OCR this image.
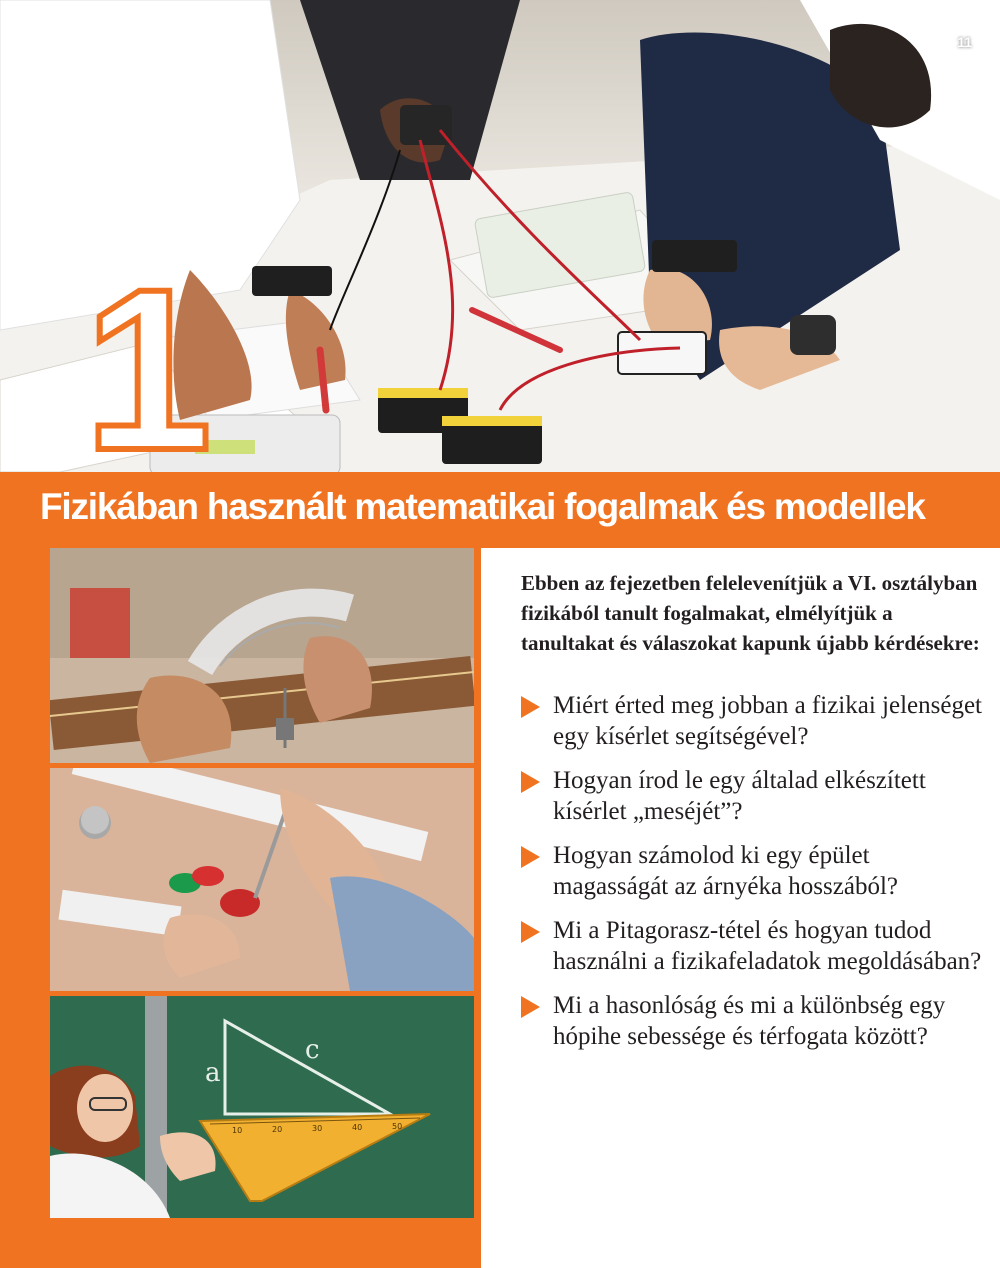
11
1
Fizikában használt matematikai fogalmak és modellek
a
c
10	20	30	40	50

Ebben az fejezetben felelevenítjük a VI. osztályban fizikából tanult fogalmakat, elmélyítjük a tanultakat és válaszokat kapunk újabb kérdésekre:

Miért érted meg jobban a fizikai jelenséget egy kísérlet segítségével?
Hogyan írod le egy általad elkészített kísérlet „meséjét”?
Hogyan számolod ki egy épület magasságát az árnyéka hosszából?
Mi a Pitagorasz-tétel és hogyan tudod használni a fizikafeladatok megoldásában?
Mi a hasonlóság és mi a különbség egy hópihe sebessége és térfogata között?
